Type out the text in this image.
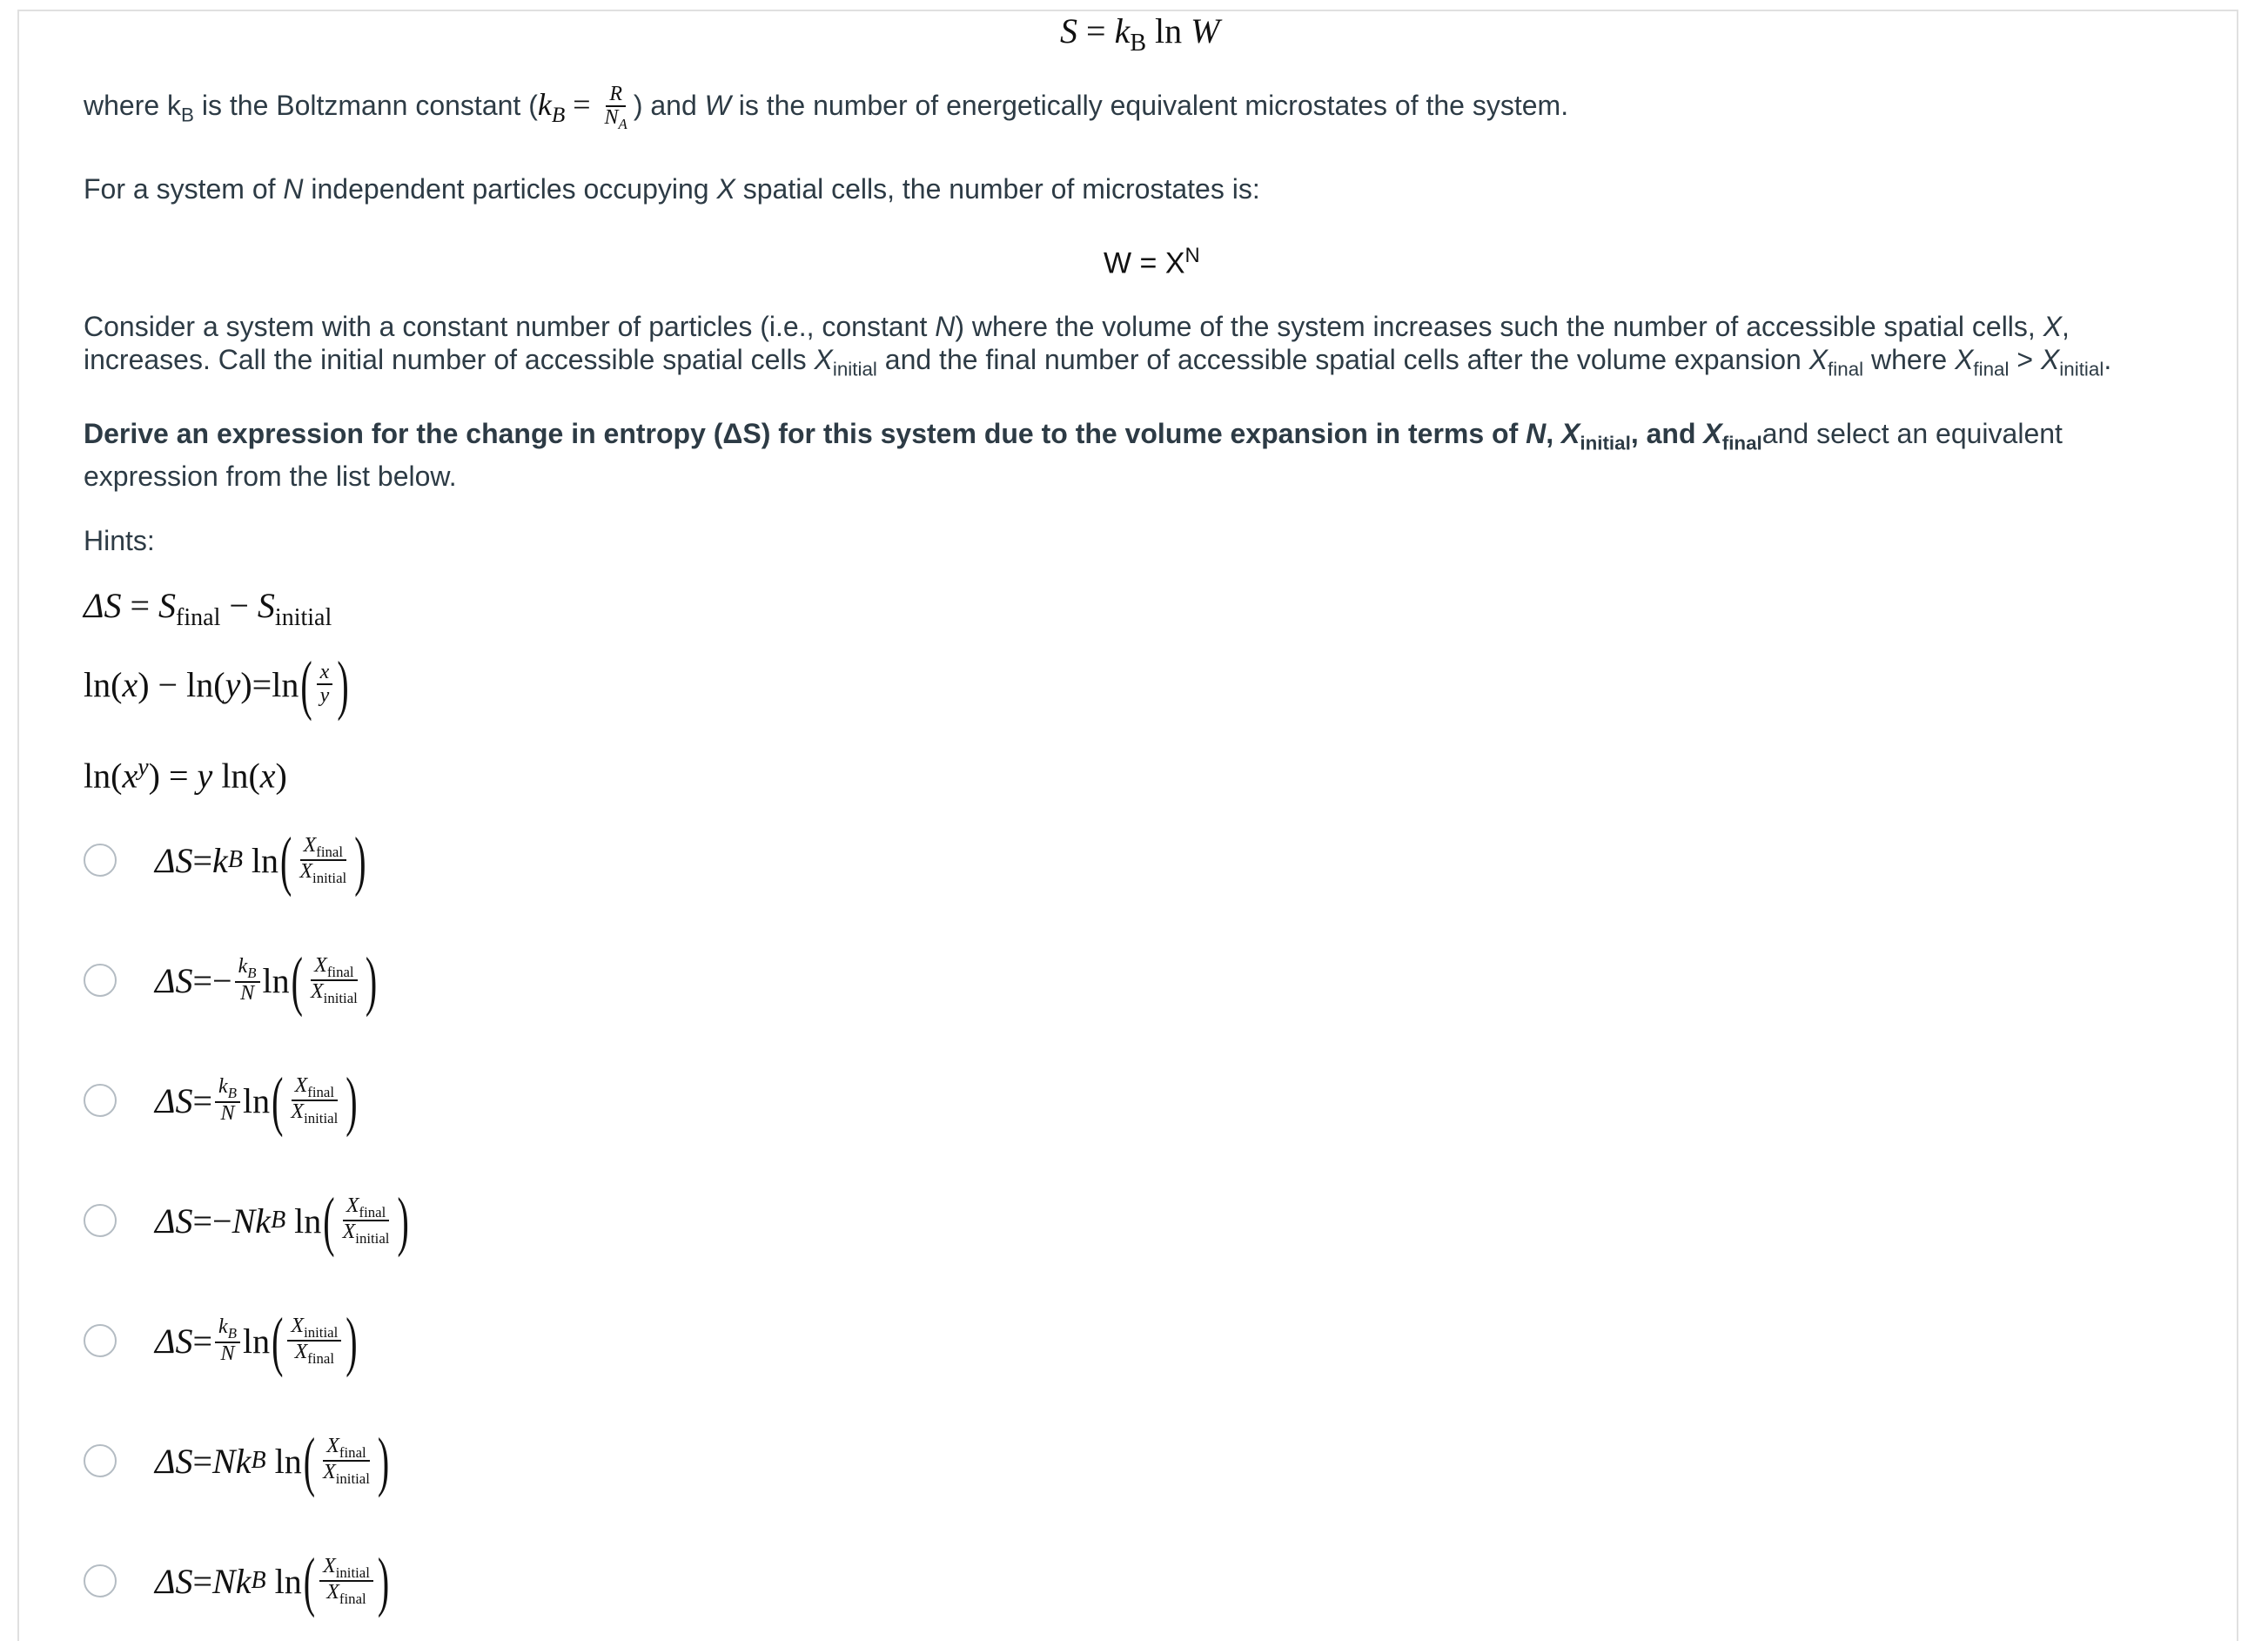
$S = k_B$ ln W
where $k_B$ is the Boltzmann constant ($k_B = \frac{R}{N_A}$ ) and W is the number of energetically equivalent microstates of the system.
For a system of N independent particles occupying X spatial cells, the number of microstates is:
$W = X^N$
Consider a system with a constant number of particles (i.e., constant N) where the volume of the system increases such the number of accessible spatial cells, X, increases. Call the initial number of accessible spatial cells $X_{initial}$ and the final number of accessible spatial cells after the volume expansion $X_{final}$ where $X_{final} > X_{initial}$.
Derive an expression for the change in entropy (ΔS) for this system due to the volume expansion in terms of N, $X_{initial}$, and $X_{final}and$ select an equivalent expression from the list below.
Hints:
$\Delta S = S_{final} - S_{initial}$
ln ( x ) −
ln ( y ) = ln ( $\frac{x}{y}$ )
$\ln(x^y) = y$ ln(x)
ΔS = k B
ln ( $\frac{X_{final}}{X_{initial}}$ )
ΔS = − $\frac{k_B}{N}$ ln ( $\frac{X_{final}}{X_{initial}}$ )
$\Delta S = \frac{k_B}{N}$ ln ( $\frac{X_{final}}{X_{initial}}$ )
ΔS = − N k B
ln ( $\frac{X_{final}}{X_{initial}}$ )
$\Delta S = \frac{k_B}{N}$ ln ( $\frac{X_{initial}}{X_{final}}$ )
ΔS = N k B
ln ( $\frac{X_{final}}{X_{initial}}$ )
ΔS = N k B
ln ( $\frac{X_{initial}}{X_{final}}$ )
